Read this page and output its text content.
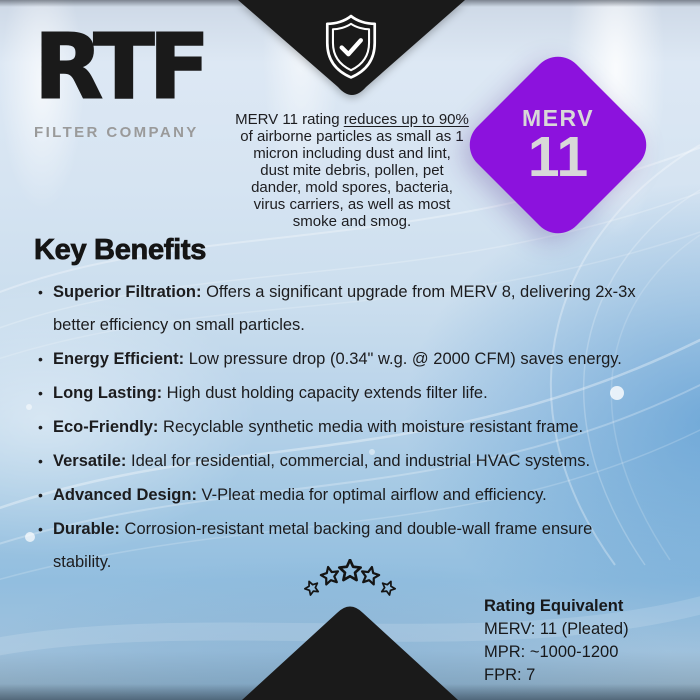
RTF
FILTER COMPANY
MERV 11 rating reduces up to 90%
of airborne particles as small as 1
micron including dust and lint,
dust mite debris, pollen, pet
dander, mold spores, bacteria,
virus carriers, as well as most
smoke and smog.
MERV
11
Key Benefits
• Superior Filtration: Offers a significant upgrade from MERV 8, delivering 2x-3x better efficiency on small particles.
• Energy Efficient: Low pressure drop (0.34" w.g. @ 2000 CFM) saves energy.
• Long Lasting: High dust holding capacity extends filter life.
• Eco-Friendly: Recyclable synthetic media with moisture resistant frame.
• Versatile: Ideal for residential, commercial, and industrial HVAC systems.
• Advanced Design: V-Pleat media for optimal airflow and efficiency.
• Durable: Corrosion-resistant metal backing and double-wall frame ensure stability.
Rating Equivalent
MERV: 11 (Pleated)
MPR: ~1000-1200
FPR: 7
